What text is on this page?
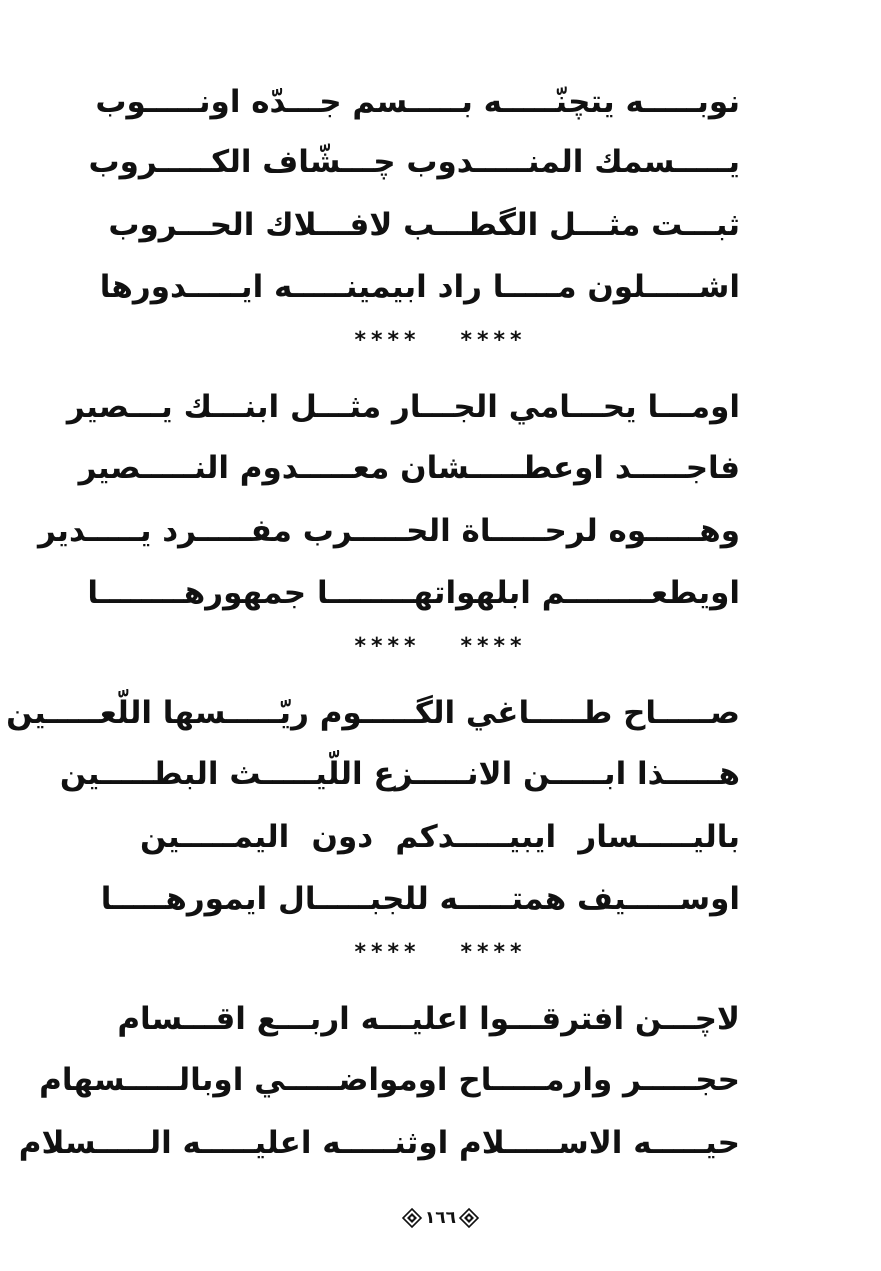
نوبـــــه يتچنّـــــه بـــــسم جـــدّه اونـــــوب
يـــــسمك المنـــــدوب چـــشّاف الكـــــروب
ثبـــت مثـــل الگطـــب لافـــلاك الحـــروب
اشـــــلون مـــــا راد ابيمينـــــه ايـــــدورها
**** ****
اومـــا يحـــامي الجـــار مثـــل ابنـــك يـــصير
فاجـــــد اوعطـــــشان معـــــدوم النـــــصير
وهـــــوه لرحـــــاة الحـــــرب مفـــــرد يـــــدير
اويطعــــــــم ابلهواتهــــــــا جمهورهــــــــا
**** ****
صـــــاح طـــــاغي الگـــــوم ريّـــــسها اللّعـــــين
هـــــذا ابـــــن الانـــــزع اللّيـــــث البطـــــين
باليـــــسار ايبيـــــدكم دون اليمـــــين
اوســـــيف همتـــــه للجبـــــال ايمورهـــــا
**** ****
لاچـــن افترقـــوا اعليـــه اربـــع اقـــسام
حجـــــر وارمـــــاح اومواضـــــي اوبالـــــسهام
حيـــــه الاســـــلام اوثنـــــه اعليـــــه الـــــسلام
١٦٦
